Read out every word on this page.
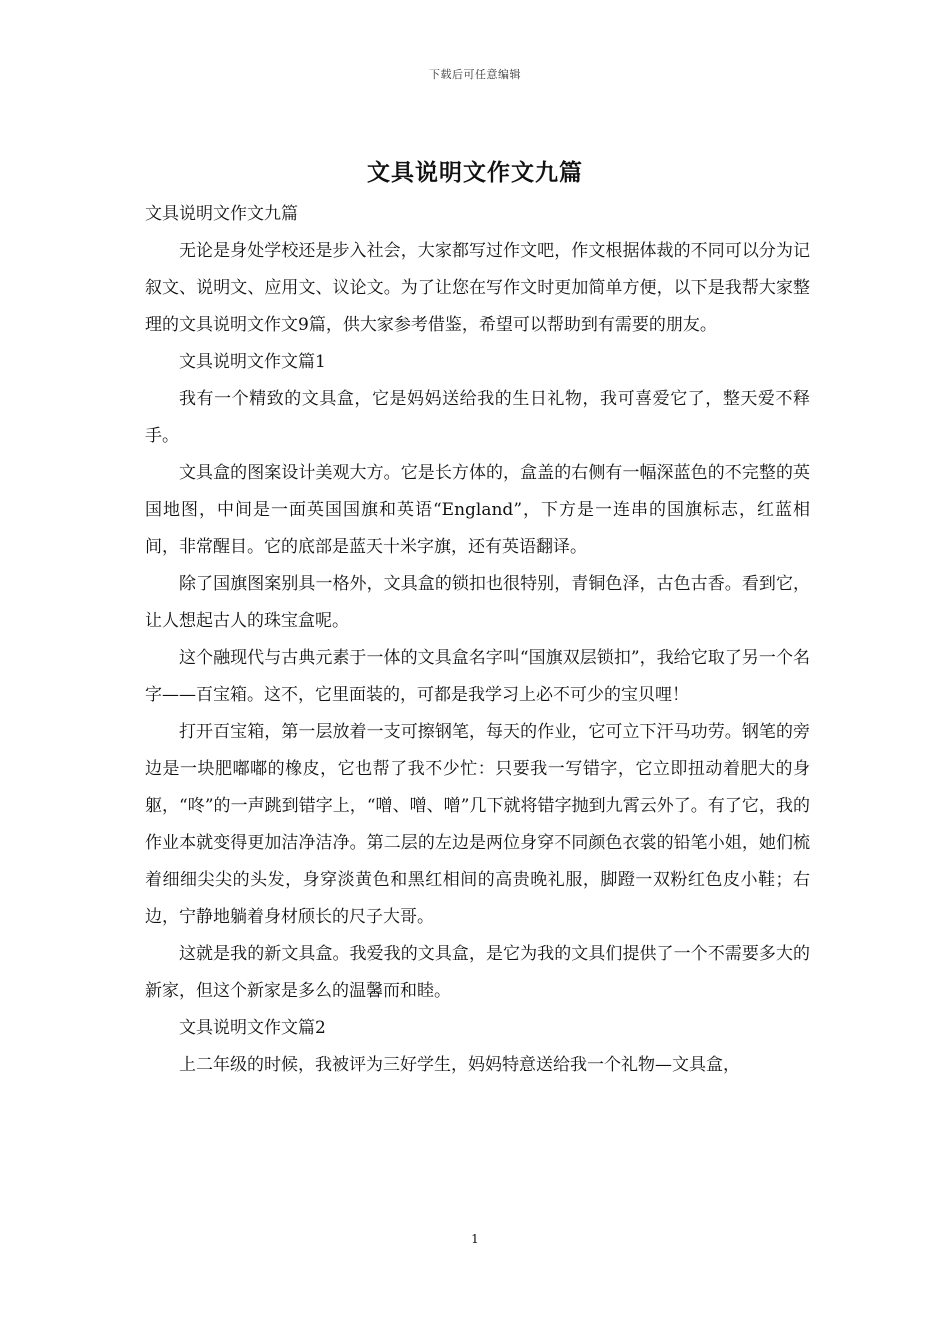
下载后可任意编辑
文具说明文作文九篇

文具说明文作文九篇

无论是身处学校还是步入社会，大家都写过作文吧，作文根据体裁的不同可以分为记叙文、说明文、应用文、议论文。为了让您在写作文时更加简单方便，以下是我帮大家整理的文具说明文作文9篇，供大家参考借鉴，希望可以帮助到有需要的朋友。

文具说明文作文篇1

我有一个精致的文具盒，它是妈妈送给我的生日礼物，我可喜爱它了，整天爱不释手。

文具盒的图案设计美观大方。它是长方体的，盒盖的右侧有一幅深蓝色的不完整的英国地图，中间是一面英国国旗和英语“England”，下方是一连串的国旗标志，红蓝相间，非常醒目。它的底部是蓝天十米字旗，还有英语翻译。

除了国旗图案别具一格外，文具盒的锁扣也很特别，青铜色泽，古色古香。看到它，让人想起古人的珠宝盒呢。

这个融现代与古典元素于一体的文具盒名字叫“国旗双层锁扣”，我给它取了另一个名字——百宝箱。这不，它里面装的，可都是我学习上必不可少的宝贝哩！

打开百宝箱，第一层放着一支可擦钢笔，每天的作业，它可立下汗马功劳。钢笔的旁边是一块肥嘟嘟的橡皮，它也帮了我不少忙：只要我一写错字，它立即扭动着肥大的身躯，“咚”的一声跳到错字上，“噌、噌、噌”几下就将错字抛到九霄云外了。有了它，我的作业本就变得更加洁净洁净。第二层的左边是两位身穿不同颜色衣裳的铅笔小姐，她们梳着细细尖尖的头发，身穿淡黄色和黑红相间的高贵晚礼服，脚蹬一双粉红色皮小鞋；右边，宁静地躺着身材颀长的尺子大哥。

这就是我的新文具盒。我爱我的文具盒，是它为我的文具们提供了一个不需要多大的新家，但这个新家是多么的温馨而和睦。

文具说明文作文篇2

上二年级的时候，我被评为三好学生，妈妈特意送给我一个礼物—文具盒，

1
